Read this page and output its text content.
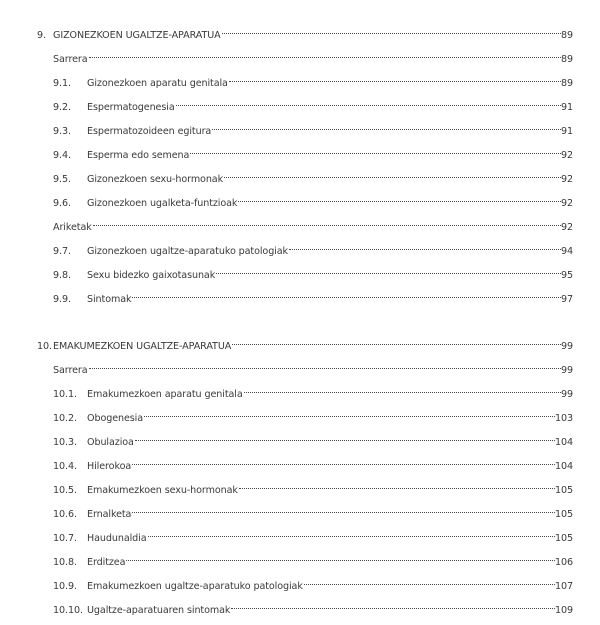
9. GIZONEZKOEN UGALTZE-APARATUA	89
Sarrera	89
9.1.	Gizonezkoen aparatu genitala	89
9.2.	Espermatogenesia	91
9.3.	Espermatozoideen egitura	91
9.4.	Esperma edo semena	92
9.5.	Gizonezkoen sexu-hormonak	92
9.6.	Gizonezkoen ugalketa-funtzioak	92
Ariketak	92
9.7.	Gizonezkoen ugaltze-aparatuko patologiak	94
9.8.	Sexu bidezko gaixotasunak	95
9.9.	Sintomak	97
10. EMAKUMEZKOEN UGALTZE-APARATUA	99
Sarrera	99
10.1.	Emakumezkoen aparatu genitala	99
10.2.	Obogenesia	103
10.3.	Obulazioa	104
10.4.	Hilerokoa	104
10.5.	Emakumezkoen sexu-hormonak	105
10.6.	Ernalketa	105
10.7.	Haudunaldia	105
10.8.	Erditzea	106
10.9.	Emakumezkoen ugaltze-aparatuko patologiak	107
10.10. Ugaltze-aparatuaren sintomak	109
